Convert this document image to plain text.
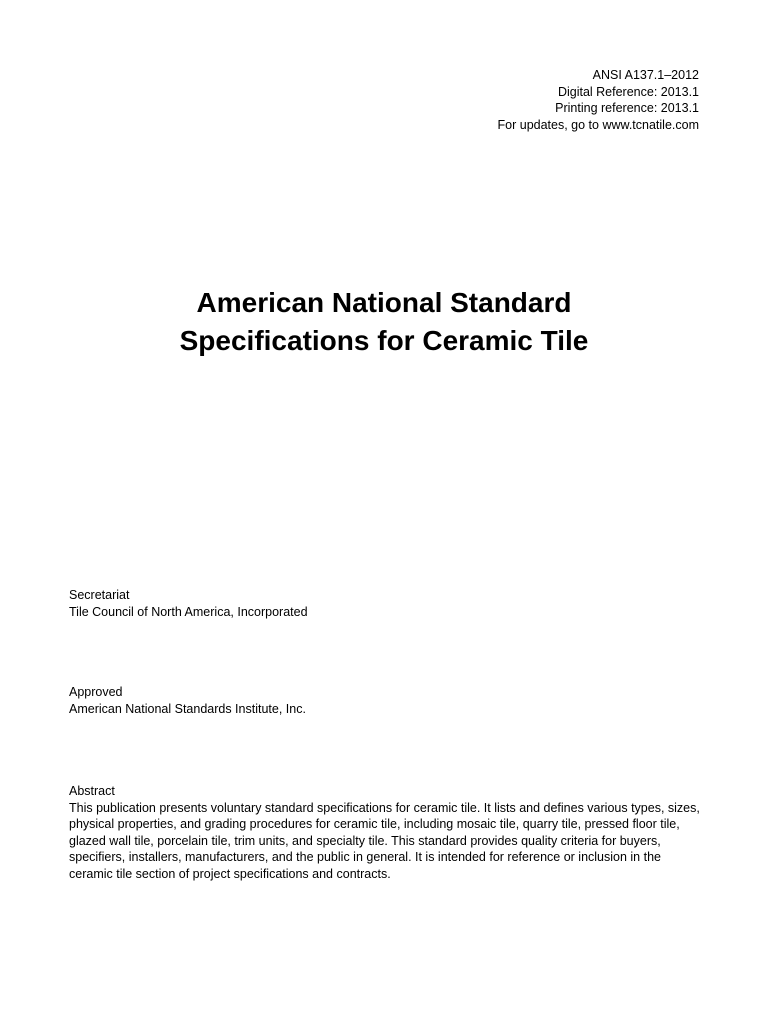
ANSI A137.1–2012
Digital Reference: 2013.1
Printing reference: 2013.1
For updates, go to www.tcnatile.com
American National Standard
Specifications for Ceramic Tile
Secretariat
Tile Council of North America, Incorporated
Approved
American National Standards Institute, Inc.
Abstract
This publication presents voluntary standard specifications for ceramic tile. It lists and defines various types, sizes, physical properties, and grading procedures for ceramic tile, including mosaic tile, quarry tile, pressed floor tile, glazed wall tile, porcelain tile, trim units, and specialty tile. This standard provides quality criteria for buyers, specifiers, installers, manufacturers, and the public in general. It is intended for reference or inclusion in the ceramic tile section of project specifications and contracts.
